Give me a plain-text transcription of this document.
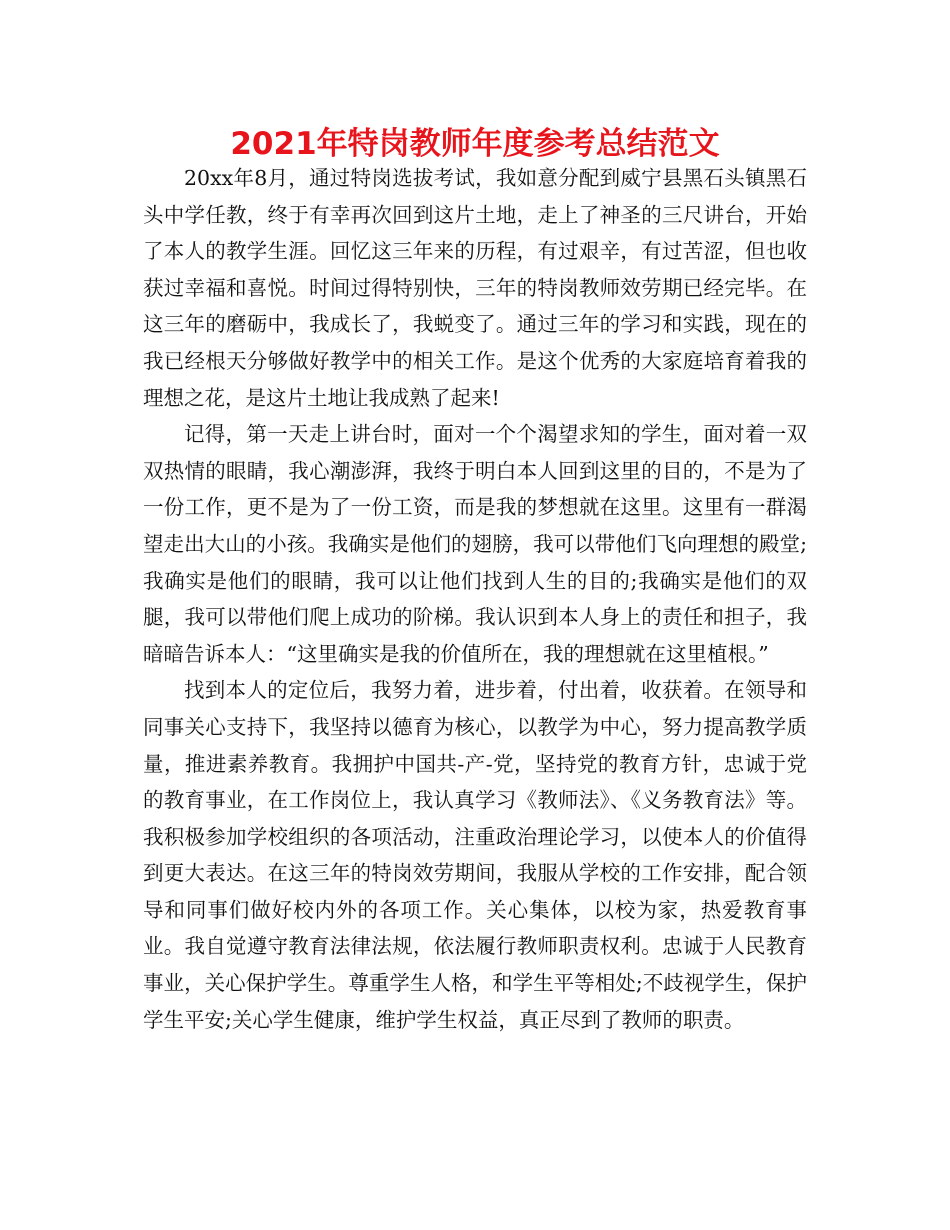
2021年特岗教师年度参考总结范文

20xx年8月，通过特岗选拔考试，我如意分配到威宁县黑石头镇黑石头中学任教，终于有幸再次回到这片土地，走上了神圣的三尺讲台，开始了本人的教学生涯。回忆这三年来的历程，有过艰辛，有过苦涩，但也收获过幸福和喜悦。时间过得特别快，三年的特岗教师效劳期已经完毕。在这三年的磨砺中，我成长了，我蜕变了。通过三年的学习和实践，现在的我已经根天分够做好教学中的相关工作。是这个优秀的大家庭培育着我的理想之花，是这片土地让我成熟了起来!

记得，第一天走上讲台时，面对一个个渴望求知的学生，面对着一双双热情的眼睛，我心潮澎湃，我终于明白本人回到这里的目的，不是为了一份工作，更不是为了一份工资，而是我的梦想就在这里。这里有一群渴望走出大山的小孩。我确实是他们的翅膀，我可以带他们飞向理想的殿堂;我确实是他们的眼睛，我可以让他们找到人生的目的;我确实是他们的双腿，我可以带他们爬上成功的阶梯。我认识到本人身上的责任和担子，我暗暗告诉本人：“这里确实是我的价值所在，我的理想就在这里植根。”

找到本人的定位后，我努力着，进步着，付出着，收获着。在领导和同事关心支持下，我坚持以德育为核心，以教学为中心，努力提高教学质量，推进素养教育。我拥护中国共-产-党，坚持党的教育方针，忠诚于党的教育事业，在工作岗位上，我认真学习《教师法》、《义务教育法》等。我积极参加学校组织的各项活动，注重政治理论学习，以使本人的价值得到更大表达。在这三年的特岗效劳期间，我服从学校的工作安排，配合领导和同事们做好校内外的各项工作。关心集体，以校为家，热爱教育事业。我自觉遵守教育法律法规，依法履行教师职责权利。忠诚于人民教育事业，关心保护学生。尊重学生人格，和学生平等相处;不歧视学生，保护学生平安;关心学生健康，维护学生权益，真正尽到了教师的职责。
